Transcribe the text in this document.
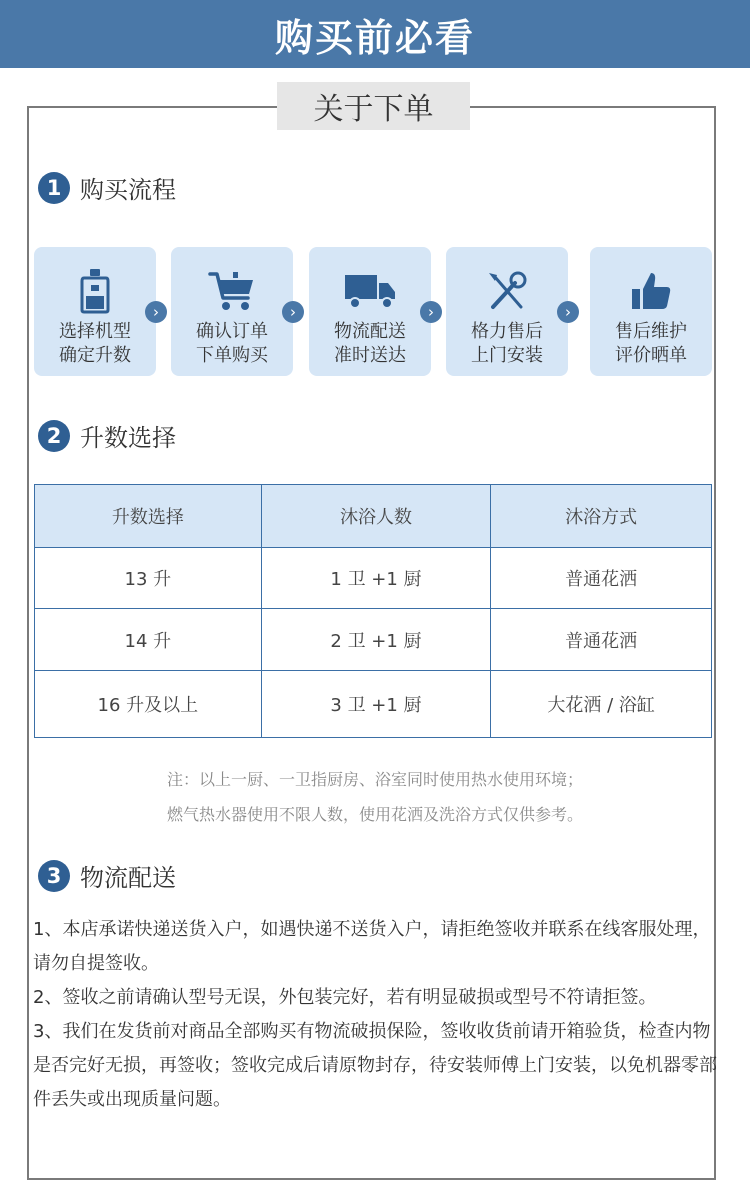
购买前必看
关于下单
1 购买流程
选择机型
确定升数
›
确认订单
下单购买
›
物流配送
准时送达
›
格力售后
上门安装
›
售后维护
评价晒单
2 升数选择
升数选择	沐浴人数	沐浴方式
13 升	1 卫 +1 厨	普通花洒
14 升	2 卫 +1 厨	普通花洒
16 升及以上	3 卫 +1 厨	大花洒 / 浴缸
注：以上一厨、一卫指厨房、浴室同时使用热水使用环境；
燃气热水器使用不限人数，使用花洒及洗浴方式仅供参考。
3 物流配送

1、本店承诺快递送货入户，如遇快递不送货入户，请拒绝签收并联系在线客服处理，请勿自提签收。

2、签收之前请确认型号无误，外包装完好，若有明显破损或型号不符请拒签。

3、我们在发货前对商品全部购买有物流破损保险，签收收货前请开箱验货，检查内物是否完好无损，再签收；签收完成后请原物封存，待安装师傅上门安装，以免机器零部件丢失或出现质量问题。
